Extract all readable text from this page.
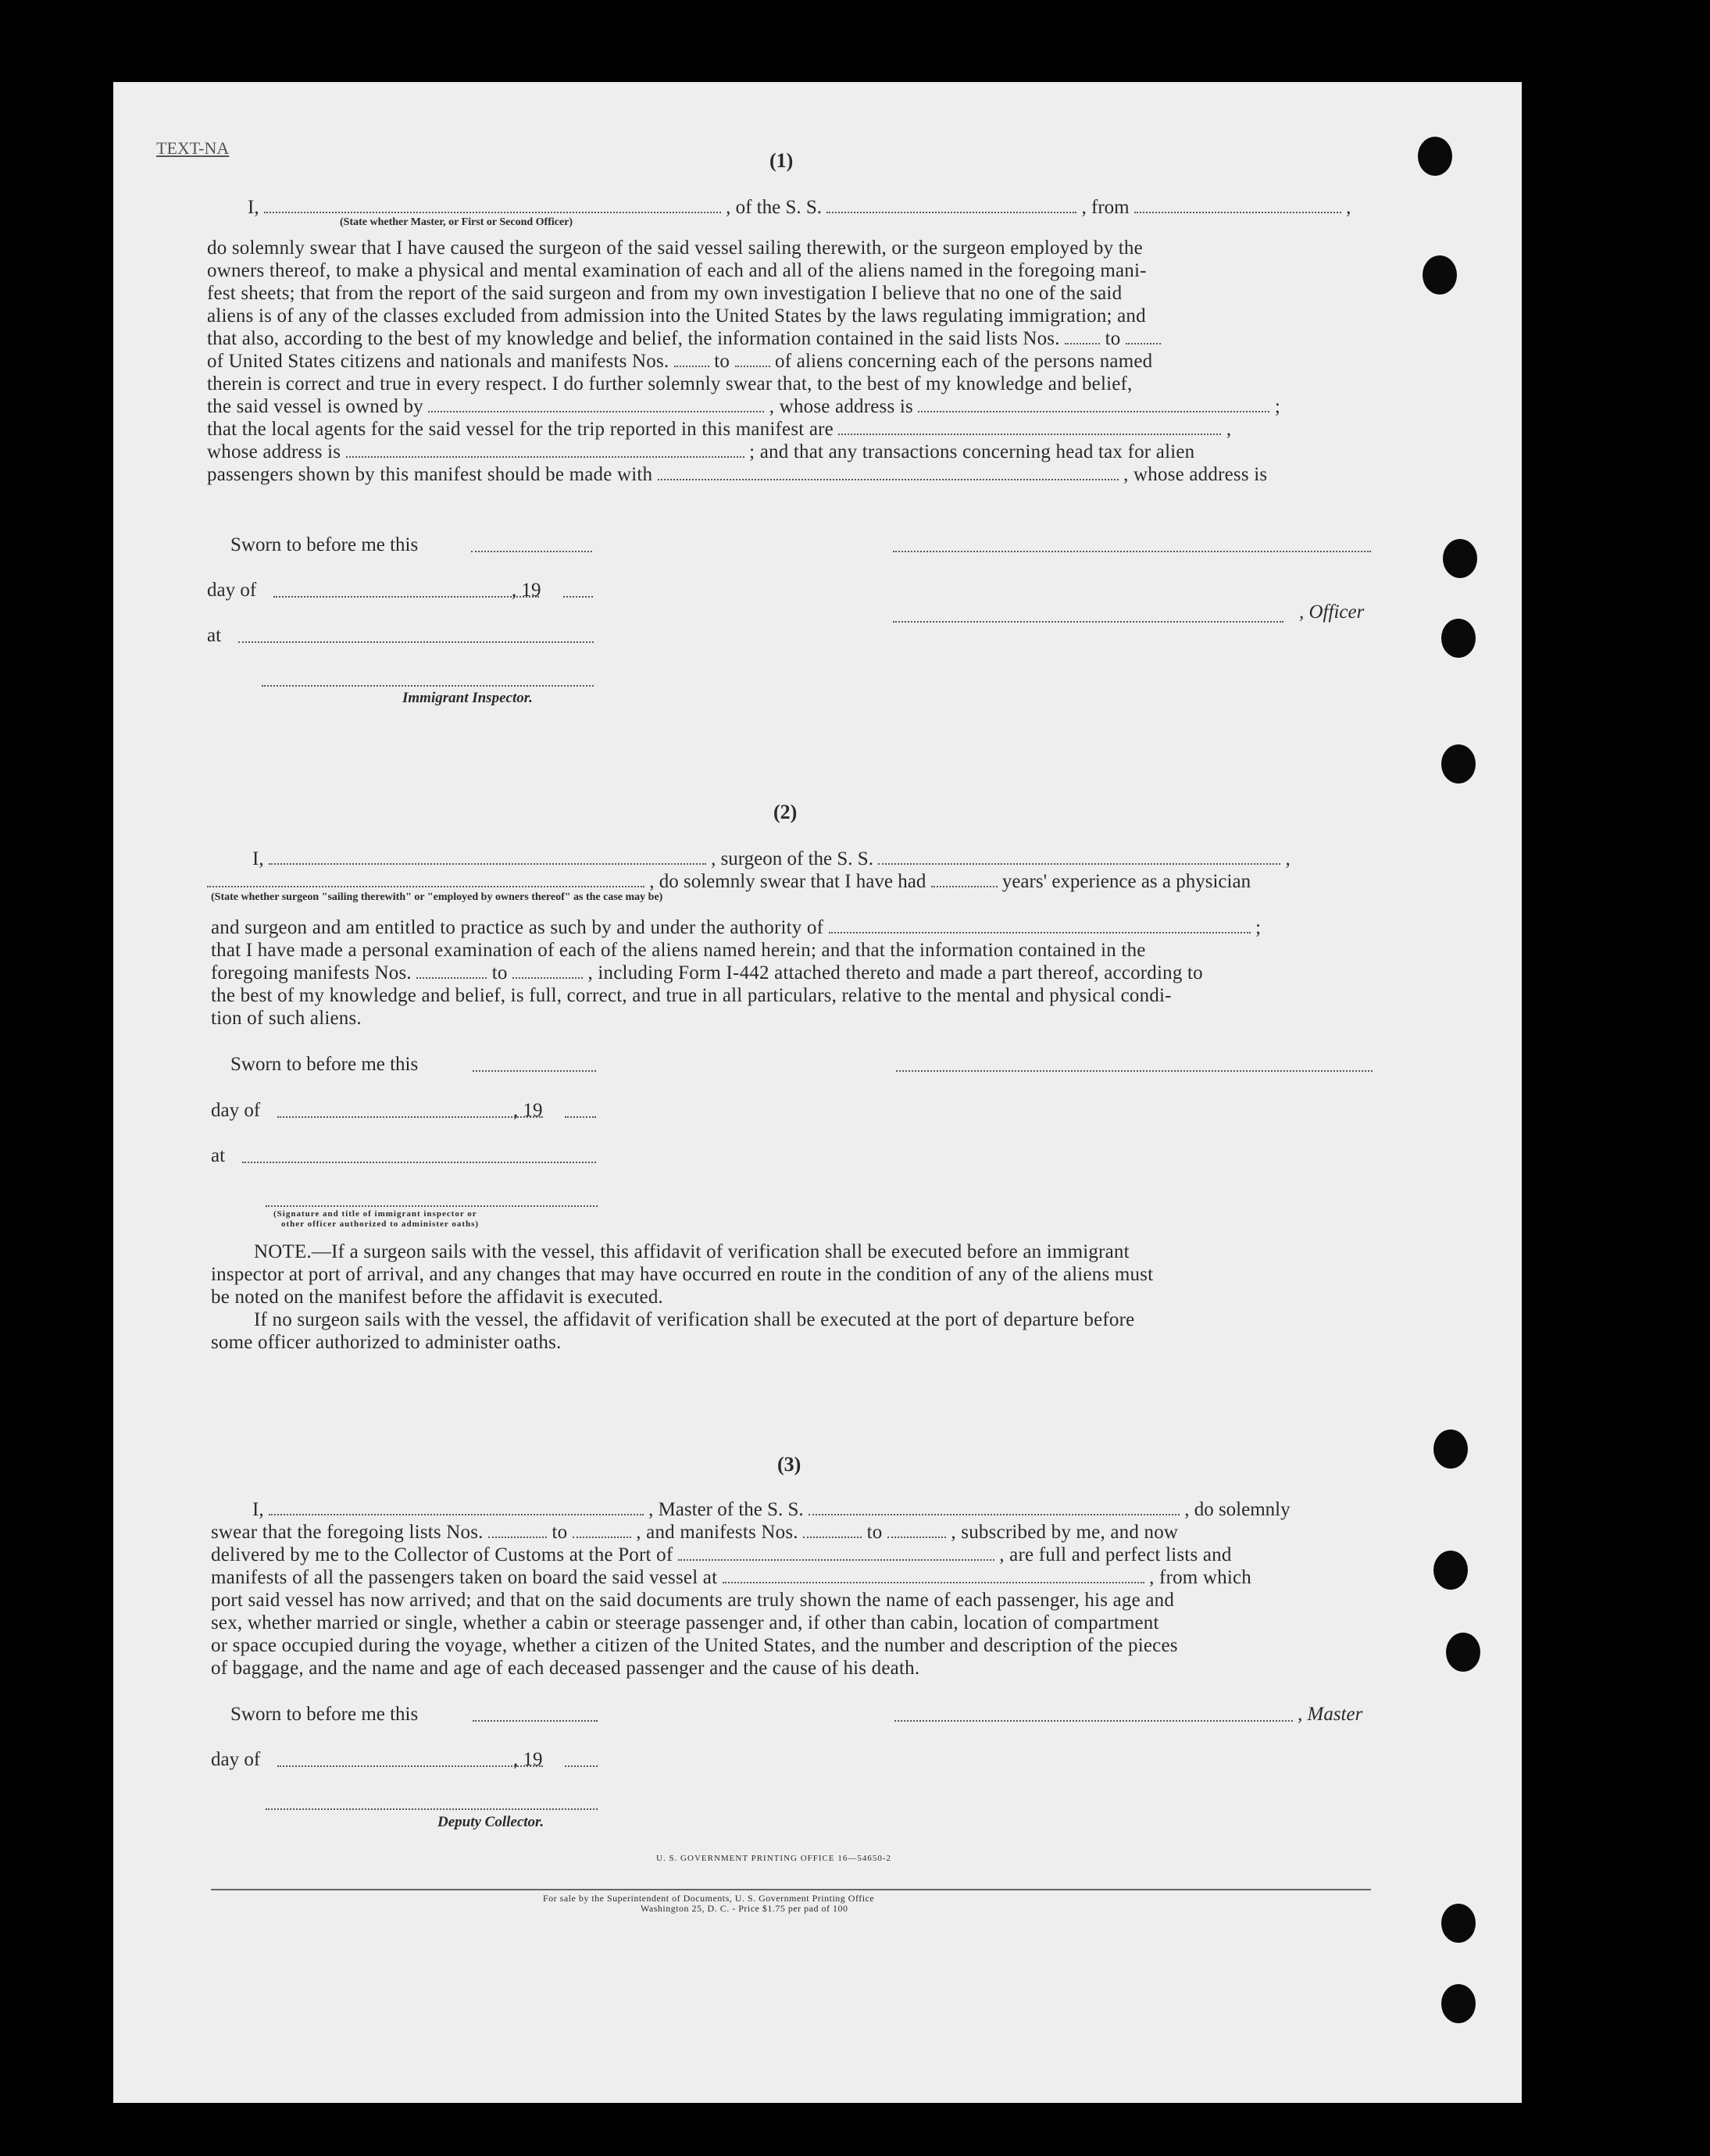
TEXT-NA
(1)
I,	, of the S. S.	, from	,
(State whether Master, or First or Second Officer)
do solemnly swear that I have caused the surgeon of the said vessel sailing therewith, or the surgeon employed by the
owners thereof, to make a physical and mental examination of each and all of the aliens named in the foregoing mani-
fest sheets; that from the report of the said surgeon and from my own investigation I believe that no one of the said
aliens is of any of the classes excluded from admission into the United States by the laws regulating immigration; and
that also, according to the best of my knowledge and belief, the information contained in the said lists Nos. to
of United States citizens and nationals and manifests Nos. to of aliens concerning each of the persons named
therein is correct and true in every respect. I do further solemnly swear that, to the best of my knowledge and belief,
the said vessel is owned by	, whose address is	;
that the local agents for the said vessel for the trip reported in this manifest are	,
whose address is	; and that any transactions concerning head tax for alien
passengers shown by this manifest should be made with	, whose address is
Sworn to before me this
day of	, 19
, Officer
at
Immigrant Inspector.
(2)
I,	, surgeon of the S. S.	,
, do solemnly swear that I have had	years' experience as a physician
(State whether surgeon "sailing therewith" or "employed by owners thereof" as the case may be)
and surgeon and am entitled to practice as such by and under the authority of	;
that I have made a personal examination of each of the aliens named herein; and that the information contained in the
foregoing manifests Nos.	to	, including Form I-442 attached thereto and made a part thereof, according to
the best of my knowledge and belief, is full, correct, and true in all particulars, relative to the mental and physical condi-
tion of such aliens.
Sworn to before me this
day of	, 19
at
(Signature and title of immigrant inspector or
other officer authorized to administer oaths)
NOTE.—If a surgeon sails with the vessel, this affidavit of verification shall be executed before an immigrant
inspector at port of arrival, and any changes that may have occurred en route in the condition of any of the aliens must
be noted on the manifest before the affidavit is executed.
If no surgeon sails with the vessel, the affidavit of verification shall be executed at the port of departure before
some officer authorized to administer oaths.
(3)
I,	, Master of the S. S.	, do solemnly
swear that the foregoing lists Nos.	to	, and manifests Nos.	to	, subscribed by me, and now
delivered by me to the Collector of Customs at the Port of	, are full and perfect lists and
manifests of all the passengers taken on board the said vessel at	, from which
port said vessel has now arrived; and that on the said documents are truly shown the name of each passenger, his age and
sex, whether married or single, whether a cabin or steerage passenger and, if other than cabin, location of compartment
or space occupied during the voyage, whether a citizen of the United States, and the number and description of the pieces
of baggage, and the name and age of each deceased passenger and the cause of his death.
Sworn to before me this	, Master
day of	, 19
Deputy Collector.
U. S. GOVERNMENT PRINTING OFFICE 16—54650-2
For sale by the Superintendent of Documents, U. S. Government Printing Office
Washington 25, D. C. - Price $1.75 per pad of 100
